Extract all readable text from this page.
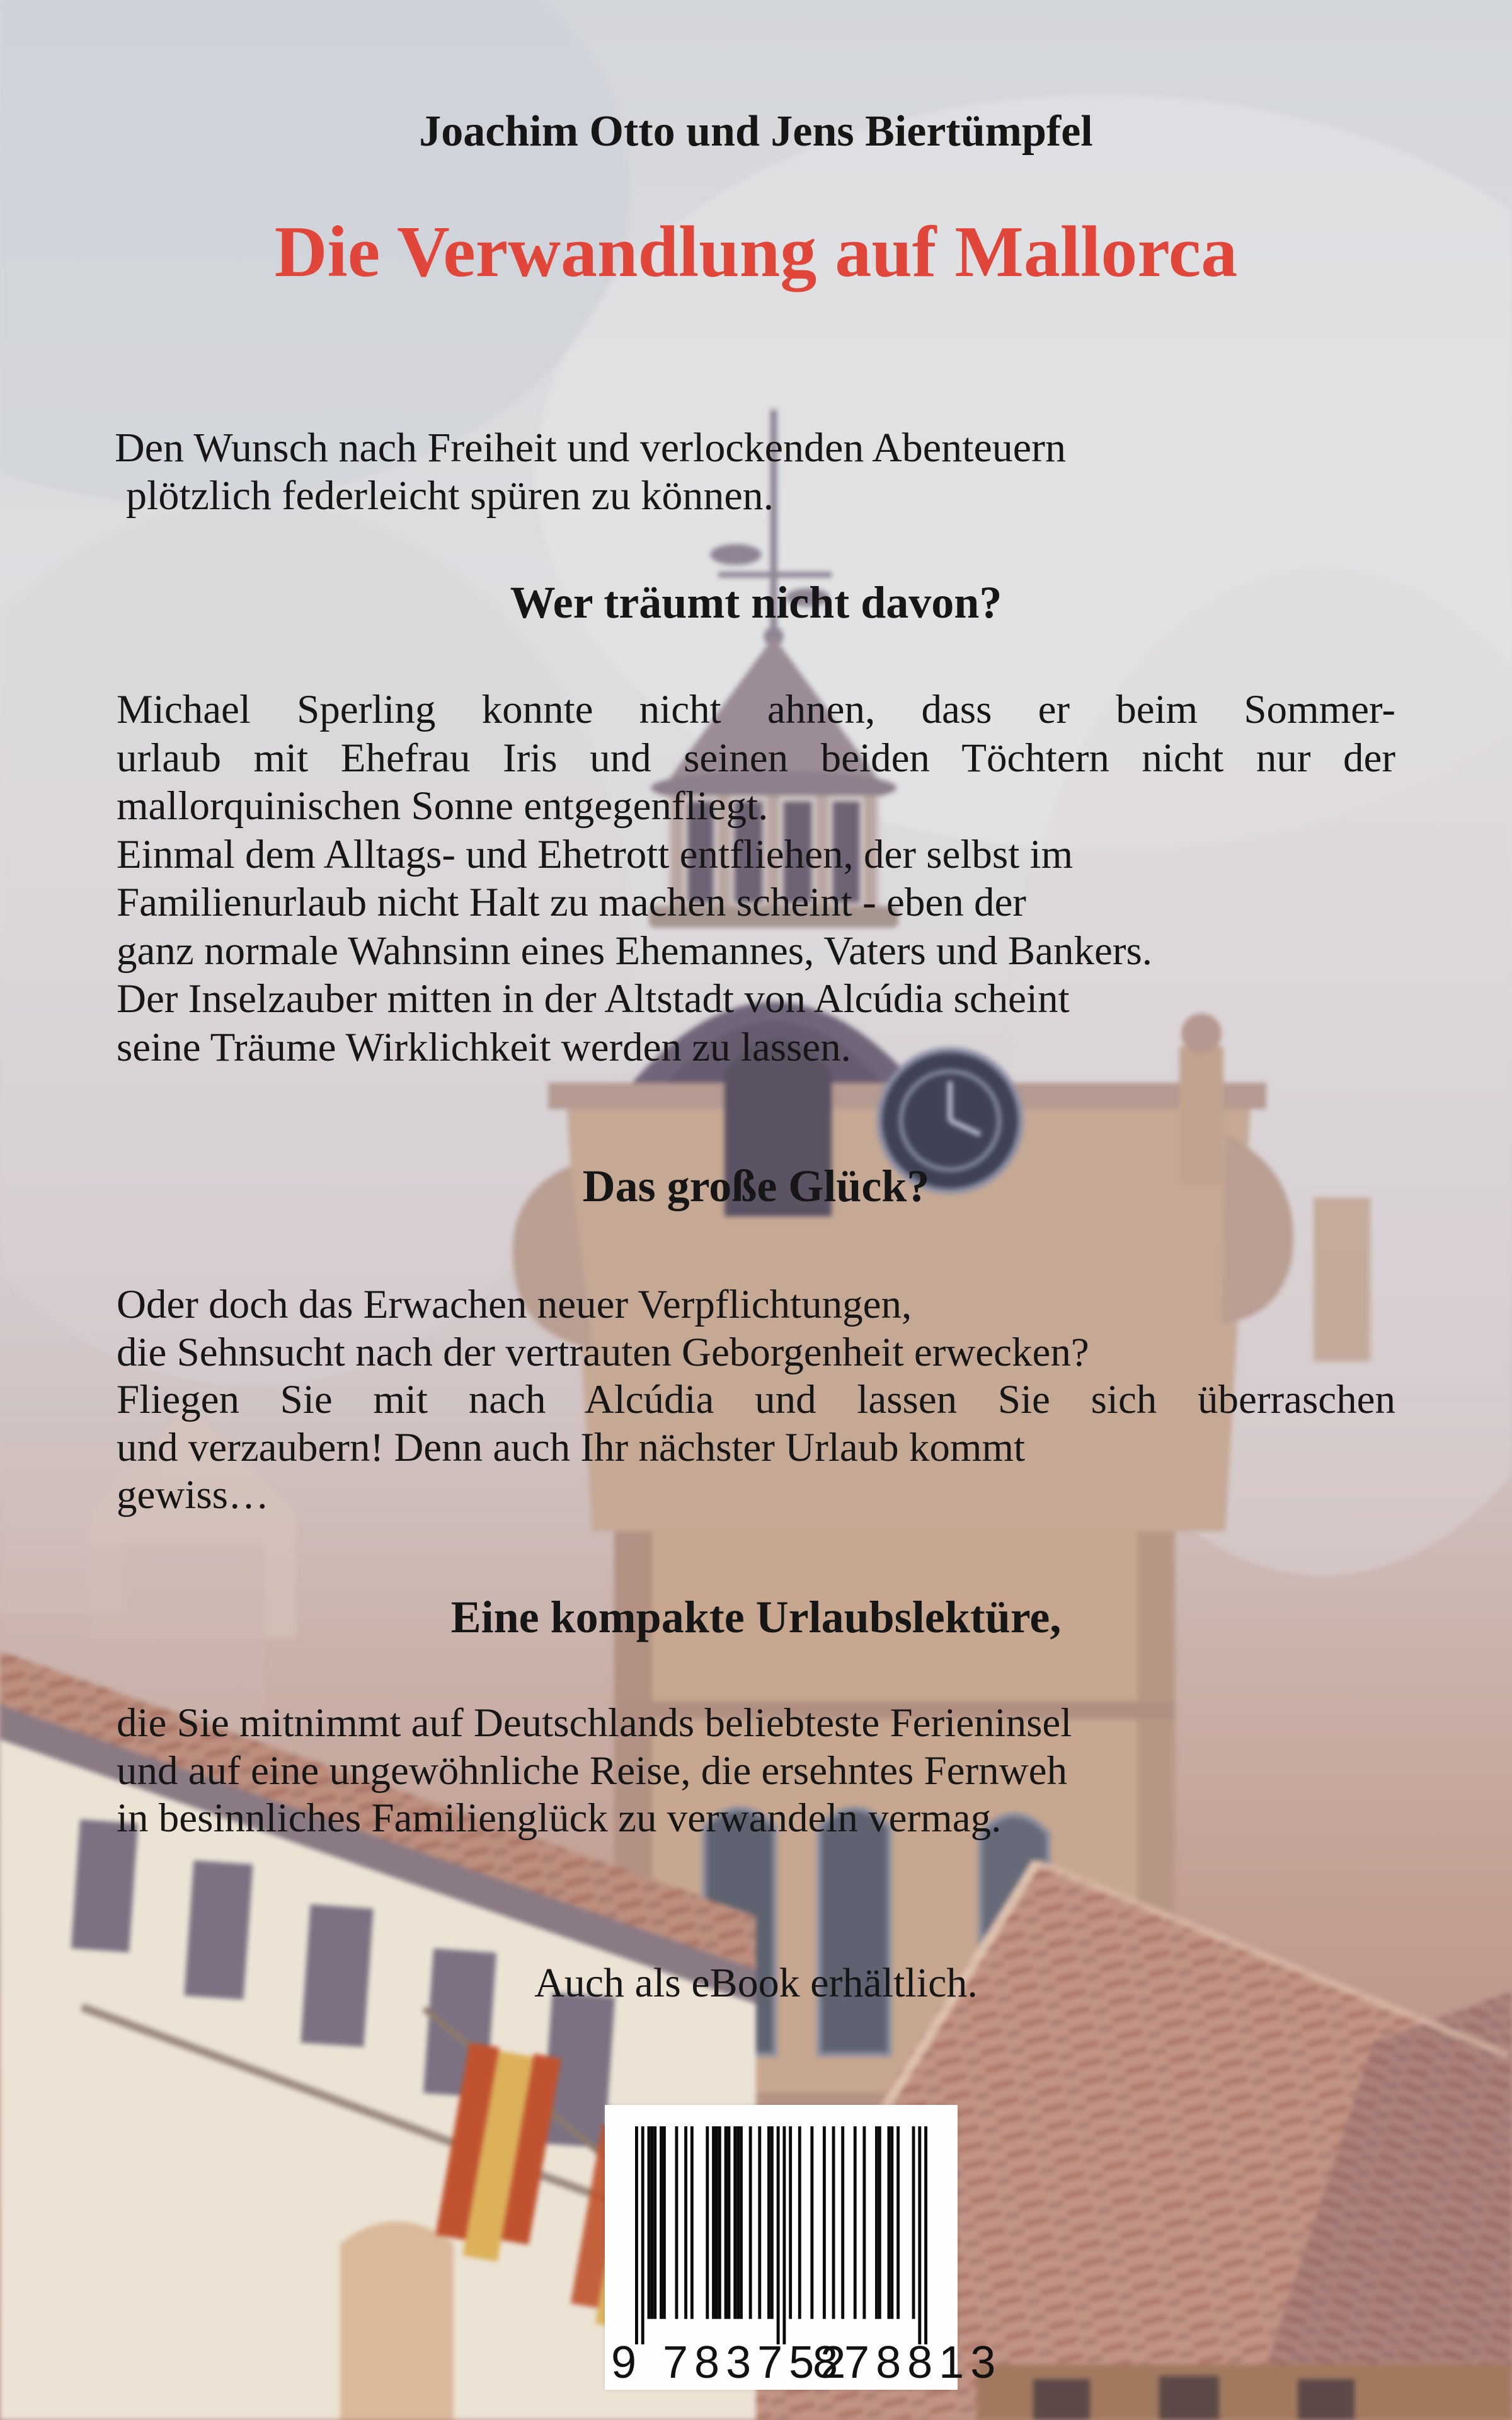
Joachim Otto und Jens Biertümpfel
Die Verwandlung auf Mallorca
Den Wunsch nach Freiheit und verlockenden Abenteuern
plötzlich federleicht spüren zu können.
Wer träumt nicht davon?
Michael Sperling konnte nicht ahnen, dass er beim Sommer-
urlaub mit Ehefrau Iris und seinen beiden Töchtern nicht nur der
mallorquinischen Sonne entgegenfliegt.
Einmal dem Alltags- und Ehetrott entfliehen, der selbst im
Familienurlaub nicht Halt zu machen scheint - eben der
ganz normale Wahnsinn eines Ehemannes, Vaters und Bankers.
Der Inselzauber mitten in der Altstadt von Alcúdia scheint
seine Träume Wirklichkeit werden zu lassen.
Das große Glück?
Oder doch das Erwachen neuer Verpflichtungen,
die Sehnsucht nach der vertrauten Geborgenheit erwecken?
Fliegen Sie mit nach Alcúdia und lassen Sie sich überraschen
und verzaubern! Denn auch Ihr nächster Urlaub kommt
gewiss…
Eine kompakte Urlaubslektüre,
die Sie mitnimmt auf Deutschlands beliebteste Ferieninsel
und auf eine ungewöhnliche Reise, die ersehntes Fernweh
in besinnliches Familienglück zu verwandeln vermag.
Auch als eBook erhältlich.
9 783752
878813
